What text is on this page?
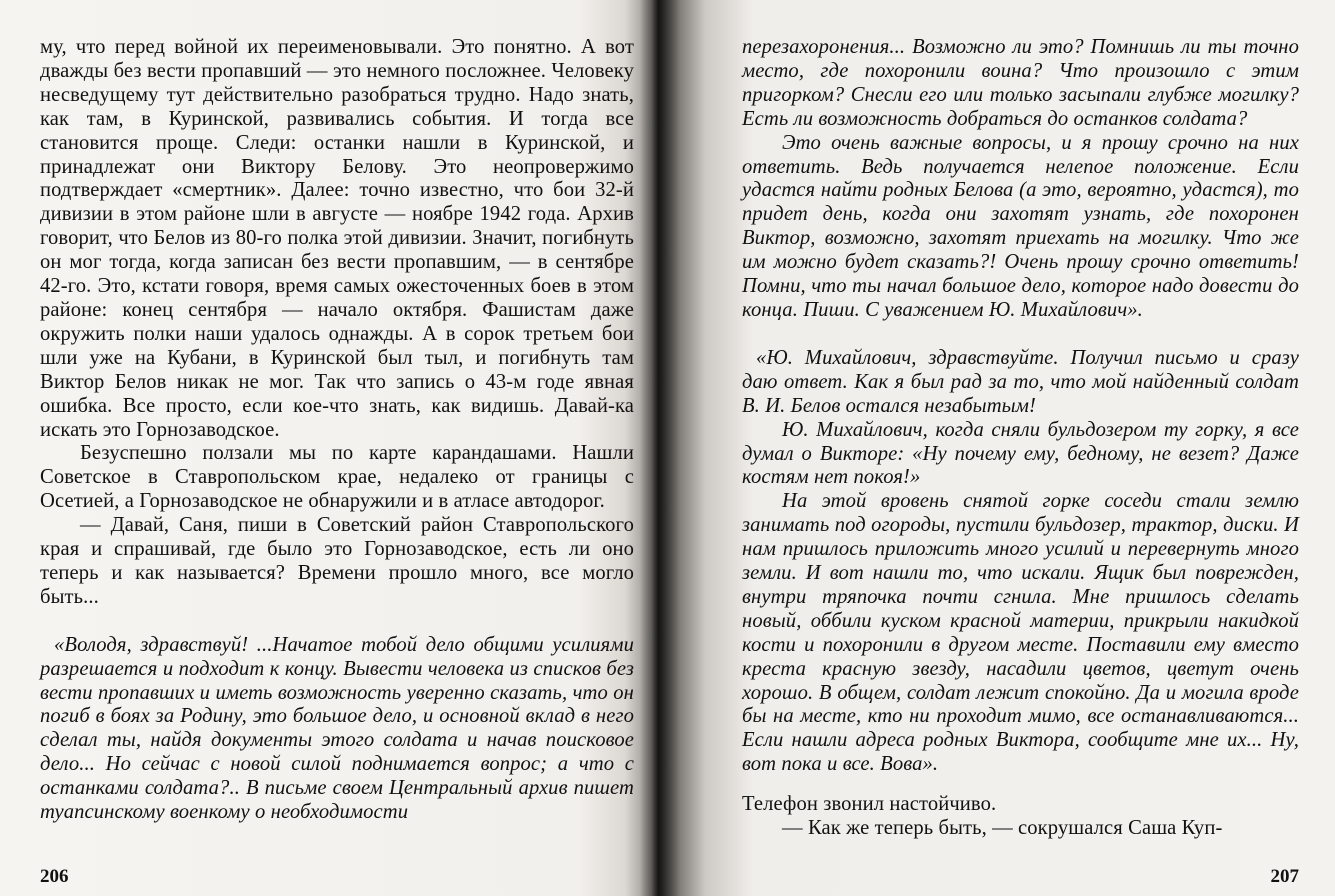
му, что перед войной их переименовывали. Это понятно. А вот дважды без вести пропавший — это немного посложнее. Человеку несведущему тут действительно разобраться трудно. Надо знать, как там, в Куринской, развивались события. И тогда все становится проще. Следи: останки нашли в Куринской, и принадлежат они Виктору Белову. Это неопровержимо подтверждает «смертник». Далее: точно известно, что бои 32-й дивизии в этом районе шли в августе — ноябре 1942 года. Архив говорит, что Белов из 80-го полка этой дивизии. Значит, погибнуть он мог тогда, когда записан без вести пропавшим, — в сентябре 42-го. Это, кстати говоря, время самых ожесточенных боев в этом районе: конец сентября — начало октября. Фашистам даже окружить полки наши удалось однажды. А в сорок третьем бои шли уже на Кубани, в Куринской был тыл, и погибнуть там Виктор Белов никак не мог. Так что запись о 43-м годе явная ошибка. Все просто, если кое-что знать, как видишь. Давай-ка искать это Горнозаводское.

Безуспешно ползали мы по карте карандашами. Нашли Советское в Ставропольском крае, недалеко от границы с Осетией, а Горнозаводское не обнаружили и в атласе автодорог.

— Давай, Саня, пиши в Советский район Ставропольского края и спрашивай, где было это Горнозаводское, есть ли оно теперь и как называется? Времени прошло много, все могло быть...

«Володя, здравствуй! ...Начатое тобой дело общими усилиями разрешается и подходит к концу. Вывести человека из списков без вести пропавших и иметь возможность уверенно сказать, что он погиб в боях за Родину, это большое дело, и основной вклад в него сделал ты, найдя документы этого солдата и начав поисковое дело... Но сейчас с новой силой поднимается вопрос; а что с останками солдата?.. В письме своем Центральный архив пишет туапсинскому военкому о необходимости

206

перезахоронения... Возможно ли это? Помнишь ли ты точно место, где похоронили воина? Что произошло с этим пригорком? Снесли его или только засыпали глубже могилку? Есть ли возможность добраться до останков солдата?

Это очень важные вопросы, и я прошу срочно на них ответить. Ведь получается нелепое положение. Если удастся найти родных Белова (а это, вероятно, удастся), то придет день, когда они захотят узнать, где похоронен Виктор, возможно, захотят приехать на могилку. Что же им можно будет сказать?! Очень прошу срочно ответить! Помни, что ты начал большое дело, которое надо довести до конца. Пиши. С уважением Ю. Михайлович».

«Ю. Михайлович, здравствуйте. Получил письмо и сразу даю ответ. Как я был рад за то, что мой найденный солдат В. И. Белов остался незабытым!

Ю. Михайлович, когда сняли бульдозером ту горку, я все думал о Викторе: «Ну почему ему, бедному, не везет? Даже костям нет покоя!»

На этой вровень снятой горке соседи стали землю занимать под огороды, пустили бульдозер, трактор, диски. И нам пришлось приложить много усилий и перевернуть много земли. И вот нашли то, что искали. Ящик был поврежден, внутри тряпочка почти сгнила. Мне пришлось сделать новый, оббили куском красной материи, прикрыли накидкой кости и похоронили в другом месте. Поставили ему вместо креста красную звезду, насадили цветов, цветут очень хорошо. В общем, солдат лежит спокойно. Да и могила вроде бы на месте, кто ни проходит мимо, все останавливаются... Если нашли адреса родных Виктора, сообщите мне их... Ну, вот пока и все. Вова».

Телефон звонил настойчиво.

— Как же теперь быть, — сокрушался Саша Куп-

207
